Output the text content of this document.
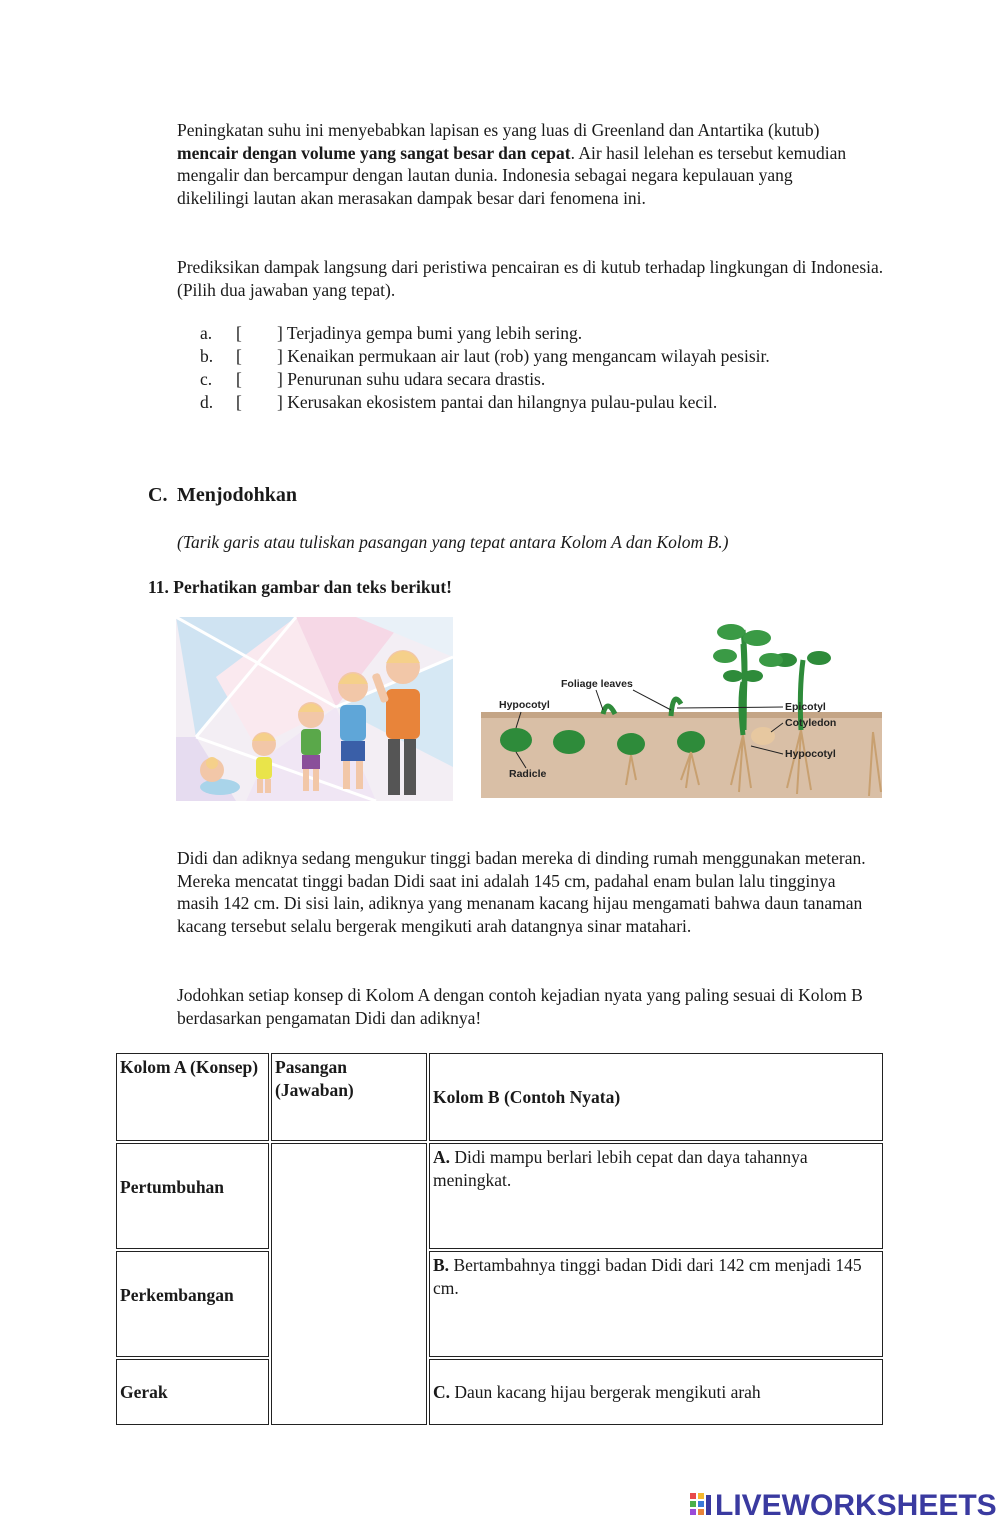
Peningkatan suhu ini menyebabkan lapisan es yang luas di Greenland dan Antartika (kutub) mencair dengan volume yang sangat besar dan cepat. Air hasil lelehan es tersebut kemudian mengalir dan bercampur dengan lautan dunia. Indonesia sebagai negara kepulauan yang dikelilingi lautan akan merasakan dampak besar dari fenomena ini.
Prediksikan dampak langsung dari peristiwa pencairan es di kutub terhadap lingkungan di Indonesia. (Pilih dua jawaban yang tepat).
a. [ ] Terjadinya gempa bumi yang lebih sering.
b. [ ] Kenaikan permukaan air laut (rob) yang mengancam wilayah pesisir.
c. [ ] Penurunan suhu udara secara drastis.
d. [ ] Kerusakan ekosistem pantai dan hilangnya pulau-pulau kecil.
C. Menjodohkan
(Tarik garis atau tuliskan pasangan yang tepat antara Kolom A dan Kolom B.)
11. Perhatikan gambar dan teks berikut!
Foliage leaves
Hypocotyl
Radicle
Epicotyl
Cotyledon
Hypocotyl
Didi dan adiknya sedang mengukur tinggi badan mereka di dinding rumah menggunakan meteran. Mereka mencatat tinggi badan Didi saat ini adalah 145 cm, padahal enam bulan lalu tingginya masih 142 cm. Di sisi lain, adiknya yang menanam kacang hijau mengamati bahwa daun tanaman kacang tersebut selalu bergerak mengikuti arah datangnya sinar matahari.
Jodohkan setiap konsep di Kolom A dengan contoh kejadian nyata yang paling sesuai di Kolom B berdasarkan pengamatan Didi dan adiknya!
Kolom A (Konsep)	Pasangan (Jawaban)	Kolom B (Contoh Nyata)
Pertumbuhan		A. Didi mampu berlari lebih cepat dan daya tahannya meningkat.
Perkembangan		B. Bertambahnya tinggi badan Didi dari 142 cm menjadi 145 cm.
Gerak		C. Daun kacang hijau bergerak mengikuti arah
LIVEWORKSHEETS
